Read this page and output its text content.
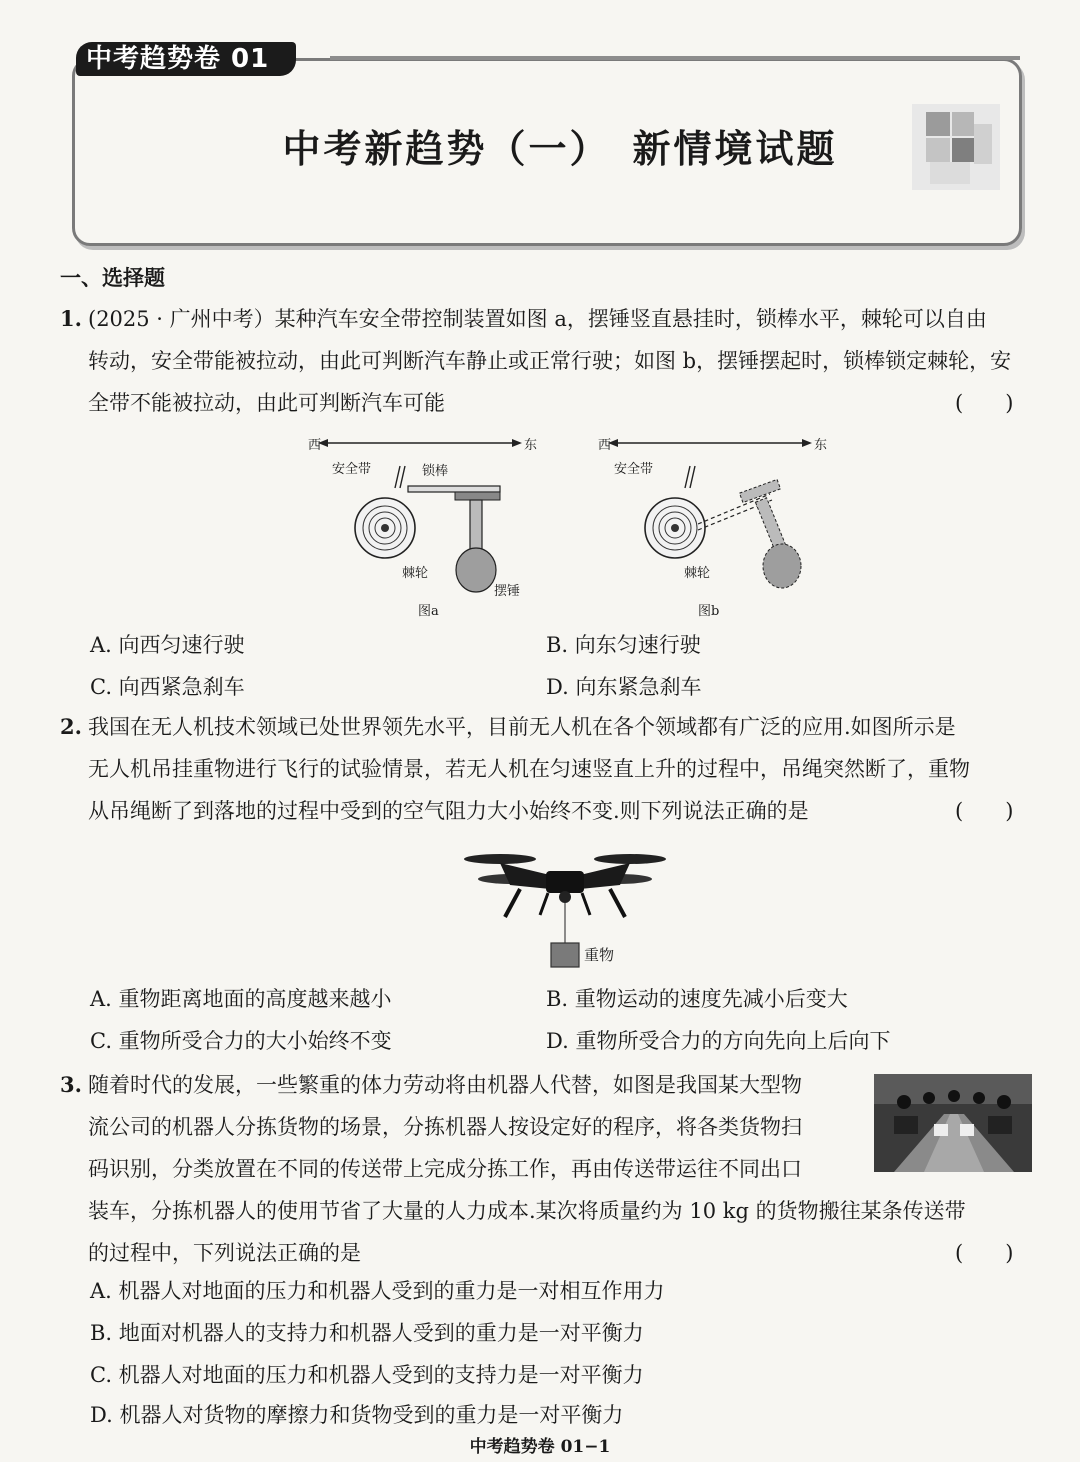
中考趋势卷 01
中考新趋势（一）　新情境试题
一、选择题
1. (2025 · 广州中考）某种汽车安全带控制装置如图 a，摆锤竖直悬挂时，锁棒水平，棘轮可以自由
转动，安全带能被拉动，由此可判断汽车静止或正常行驶；如图 b，摆锤摆起时，锁棒锁定棘轮，安
全带不能被拉动，由此可判断汽车可能	(　　)
西	东
安全带	锁棒
棘轮
摆锤
图a
西	东
安全带
棘轮
图b
A. 向西匀速行驶	B. 向东匀速行驶
C. 向西紧急刹车	D. 向东紧急刹车
2. 我国在无人机技术领域已处世界领先水平，目前无人机在各个领域都有广泛的应用.如图所示是
无人机吊挂重物进行飞行的试验情景，若无人机在匀速竖直上升的过程中，吊绳突然断了，重物
从吊绳断了到落地的过程中受到的空气阻力大小始终不变.则下列说法正确的是	(　　)
重物
A. 重物距离地面的高度越来越小	B. 重物运动的速度先减小后变大
C. 重物所受合力的大小始终不变	D. 重物所受合力的方向先向上后向下
3. 随着时代的发展，一些繁重的体力劳动将由机器人代替，如图是我国某大型物
流公司的机器人分拣货物的场景，分拣机器人按设定好的程序，将各类货物扫
码识别，分类放置在不同的传送带上完成分拣工作，再由传送带运往不同出口
装车，分拣机器人的使用节省了大量的人力成本.某次将质量约为 10 kg 的货物搬往某条传送带
的过程中，下列说法正确的是	(　　)
A. 机器人对地面的压力和机器人受到的重力是一对相互作用力
B. 地面对机器人的支持力和机器人受到的重力是一对平衡力
C. 机器人对地面的压力和机器人受到的支持力是一对平衡力
D. 机器人对货物的摩擦力和货物受到的重力是一对平衡力
中考趋势卷 01−1
